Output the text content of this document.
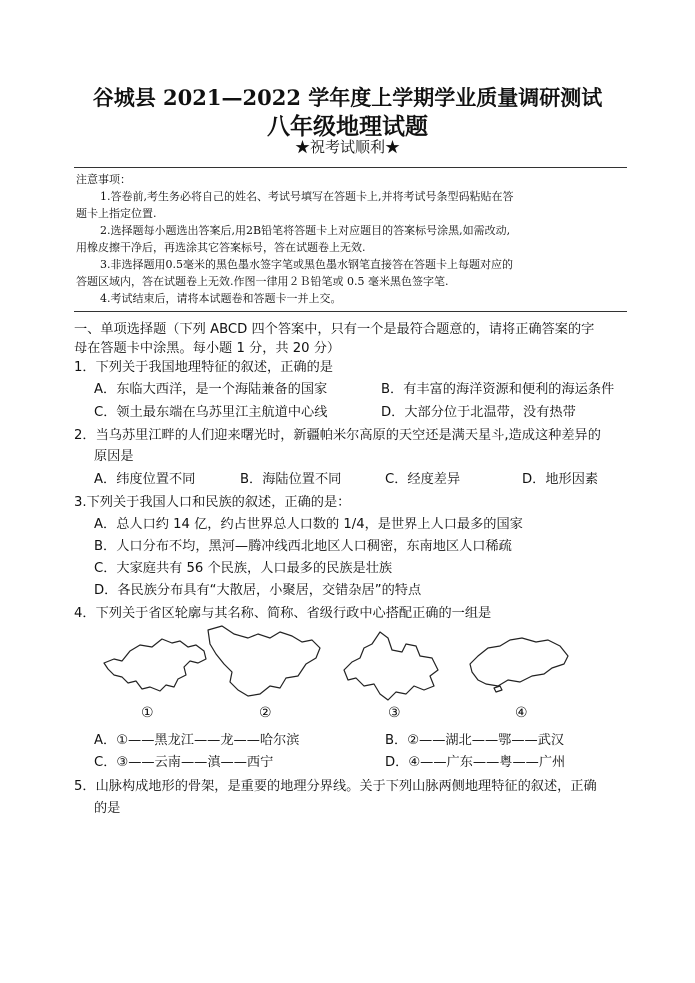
谷城县 2021—2022 学年度上学期学业质量调研测试
八年级地理试题
★祝考试顺利★
注意事项：
1.答卷前,考生务必将自己的姓名、考试号填写在答题卡上,并将考试号条型码粘贴在答
题卡上指定位置.
2.选择题每小题选出答案后,用2B铅笔将答题卡上对应题目的答案标号涂黑,如需改动,
用橡皮擦干净后，再选涂其它答案标号，答在试题卷上无效.
3.非选择题用0.5毫米的黑色墨水签字笔或黑色墨水钢笔直接答在答题卡上每题对应的
答题区域内，答在试题卷上无效.作图一律用２Ｂ铅笔或 0.5 毫米黑色签字笔.
4.考试结束后，请将本试题卷和答题卡一并上交。
一、单项选择题（下列 ABCD 四个答案中，只有一个是最符合题意的，请将正确答案的字
母在答题卡中涂黑。每小题 1 分，共 20 分）
1．下列关于我国地理特征的叙述，正确的是
A．东临大西洋，是一个海陆兼备的国家	B．有丰富的海洋资源和便利的海运条件
C．领土最东端在乌苏里江主航道中心线	D．大部分位于北温带，没有热带
2．当乌苏里江畔的人们迎来曙光时，新疆帕米尔高原的天空还是满天星斗,造成这种差异的
原因是
A．纬度位置不同	B．海陆位置不同	C．经度差异	D．地形因素
3.下列关于我国人口和民族的叙述，正确的是：
A．总人口约 14 亿，约占世界总人口数的 1/4，是世界上人口最多的国家
B．人口分布不均，黑河—腾冲线西北地区人口稠密，东南地区人口稀疏
C．大家庭共有 56 个民族，人口最多的民族是壮族
D．各民族分布具有“大散居，小聚居，交错杂居”的特点
4．下列关于省区轮廓与其名称、简称、省级行政中心搭配正确的一组是
①	②	③	④
A．①——黑龙江——龙——哈尔滨	B．②——湖北——鄂——武汉
C．③——云南——滇——西宁	D．④——广东——粤——广州
5．山脉构成地形的骨架，是重要的地理分界线。关于下列山脉两侧地理特征的叙述，正确
的是
